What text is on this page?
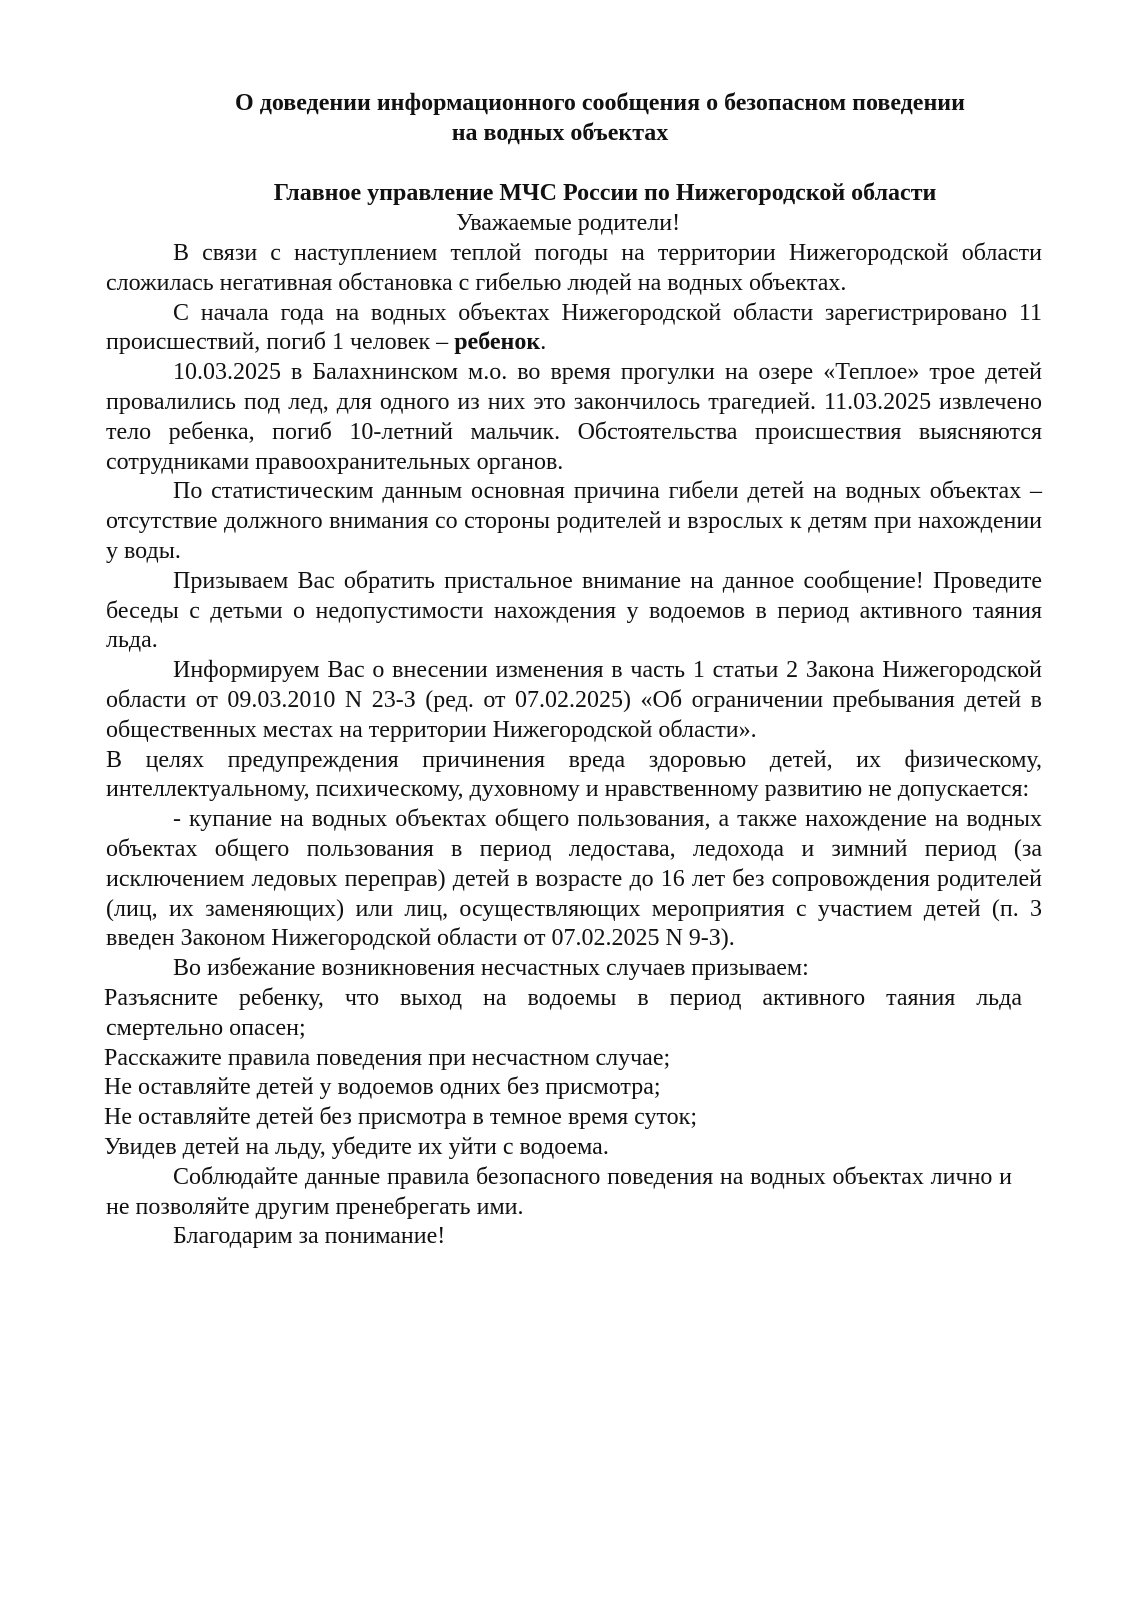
О доведении информационного сообщения о безопасном поведении
на водных объектах
Главное управление МЧС России по Нижегородской области
Уважаемые родители!

В связи с наступлением теплой погоды на территории Нижегородской области сложилась негативная обстановка с гибелью людей на водных объектах.

С начала года на водных объектах Нижегородской области зарегистрировано 11 происшествий, погиб 1 человек – ребенок.

10.03.2025 в Балахнинском м.о. во время прогулки на озере «Теплое» трое детей провалились под лед, для одного из них это закончилось трагедией. 11.03.2025 извлечено тело ребенка, погиб 10-летний мальчик. Обстоятельства происшествия выясняются сотрудниками правоохранительных органов.

По статистическим данным основная причина гибели детей на водных объектах – отсутствие должного внимания со стороны родителей и взрослых к детям при нахождении у воды.

Призываем Вас обратить пристальное внимание на данное сообщение! Проведите беседы с детьми о недопустимости нахождения у водоемов в период активного таяния льда.

Информируем Вас о внесении изменения в часть 1 статьи 2 Закона Нижегородской области от 09.03.2010 N 23-З (ред. от 07.02.2025) «Об ограничении пребывания детей в общественных местах на территории Нижегородской области».

В целях предупреждения причинения вреда здоровью детей, их физическому, интеллектуальному, психическому, духовному и нравственному развитию не допускается:

- купание на водных объектах общего пользования, а также нахождение на водных объектах общего пользования в период ледостава, ледохода и зимний период (за исключением ледовых переправ) детей в возрасте до 16 лет без сопровождения родителей (лиц, их заменяющих) или лиц, осуществляющих мероприятия с участием детей (п. 3 введен Законом Нижегородской области от 07.02.2025 N 9-З).

Во избежание возникновения несчастных случаев призываем:

Разъясните ребенку, что выход на водоемы в период активного таяния льда

смертельно опасен;

Расскажите правила поведения при несчастном случае;

Не оставляйте детей у водоемов одних без присмотра;

Не оставляйте детей без присмотра в темное время суток;

Увидев детей на льду, убедите их уйти с водоема.

Соблюдайте данные правила безопасного поведения на водных объектах лично и не позволяйте другим пренебрегать ими.

Благодарим за понимание!
